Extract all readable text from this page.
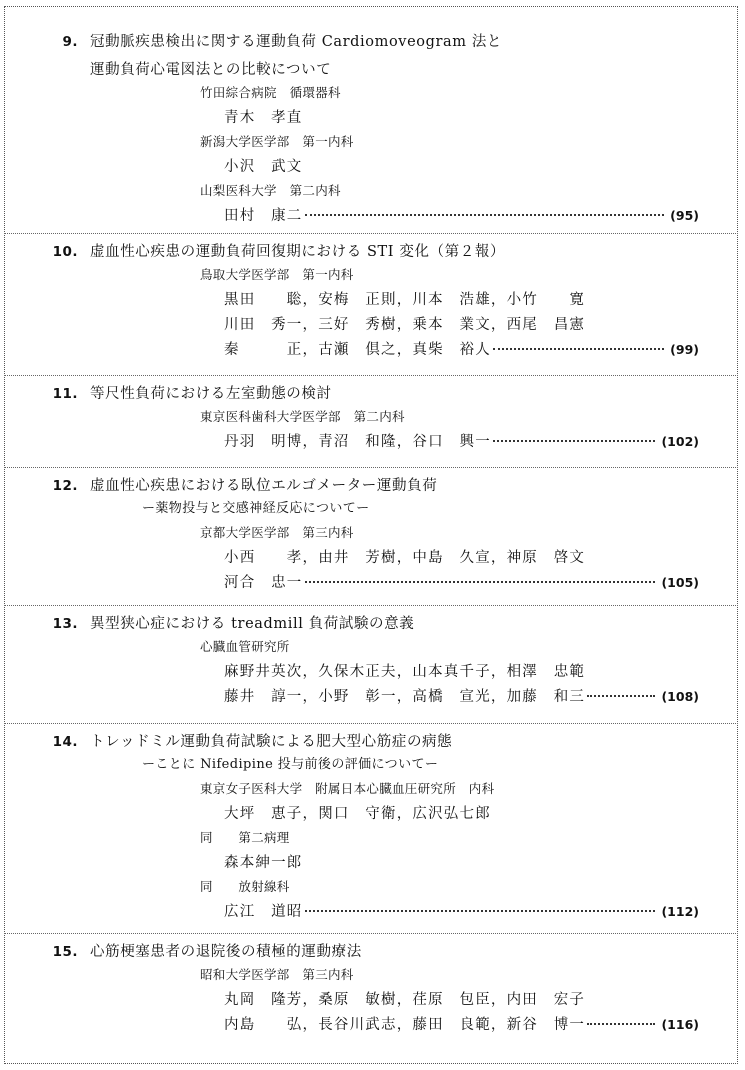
9. 冠動脈疾患検出に関する運動負荷 Cardiomoveogram 法と
運動負荷心電図法との比較について
竹田綜合病院　循環器科
青木　孝直
新潟大学医学部　第一内科
小沢　武文
山梨医科大学　第二内科
田村　康二	(95)
10. 虚血性心疾患の運動負荷回復期における STI 変化（第２報）
鳥取大学医学部　第一内科
黒田　　聡，安梅　正則，川本　浩雄，小竹　　寛
川田　秀一，三好　秀樹，乗本　業文，西尾　昌憲
秦　　　正，古瀬　倶之，真柴　裕人	(99)
11. 等尺性負荷における左室動態の検討
東京医科歯科大学医学部　第二内科
丹羽　明博，青沼　和隆，谷口　興一	(102)
12. 虚血性心疾患における臥位エルゴメーター運動負荷
ー薬物投与と交感神経反応についてー
京都大学医学部　第三内科
小西　　孝，由井　芳樹，中島　久宣，神原　啓文
河合　忠一	(105)
13. 異型狭心症における treadmill 負荷試験の意義
心臓血管研究所
麻野井英次，久保木正夫，山本真千子，相澤　忠範
藤井　諄一，小野　彰一，高橋　宣光，加藤　和三	(108)
14. トレッドミル運動負荷試験による肥大型心筋症の病態
ーことに Nifedipine 投与前後の評価についてー
東京女子医科大学　附属日本心臓血圧研究所　内科
大坪　恵子，関口　守衛，広沢弘七郎
同　　第二病理
森本紳一郎
同　　放射線科
広江　道昭	(112)
15. 心筋梗塞患者の退院後の積極的運動療法
昭和大学医学部　第三内科
丸岡　隆芳，桑原　敏樹，荏原　包臣，内田　宏子
内島　　弘，長谷川武志，藤田　良範，新谷　博一	(116)
